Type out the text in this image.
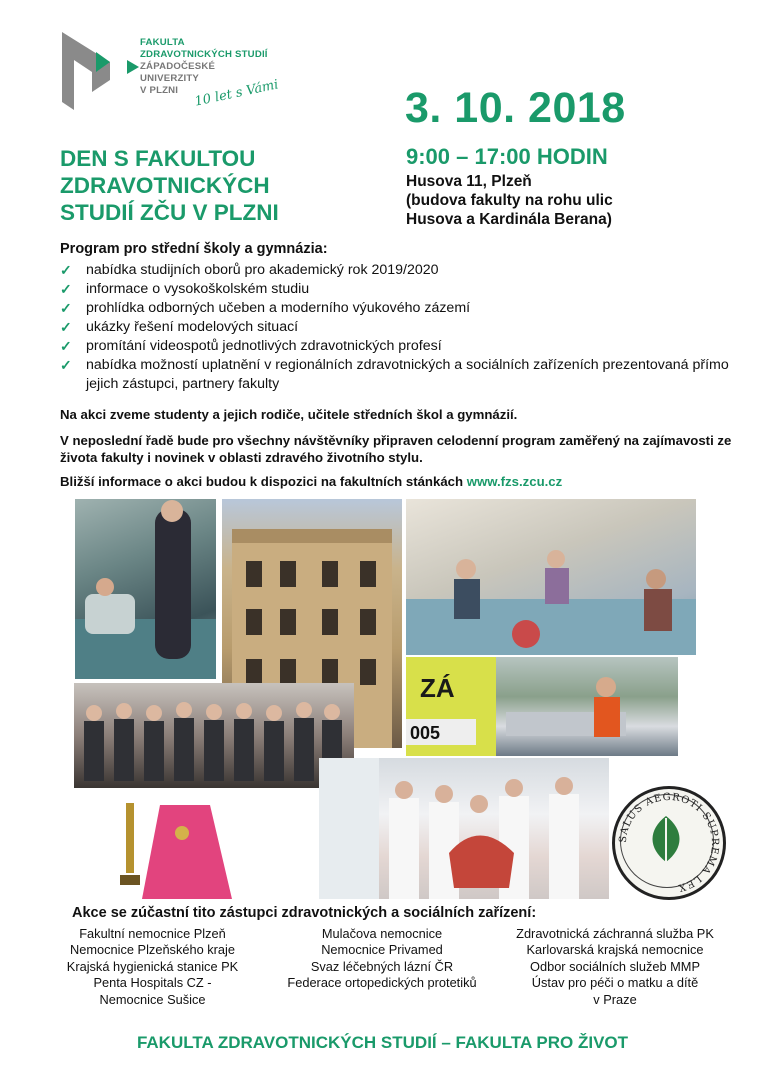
FAKULTA
ZDRAVOTNICKÝCH STUDIÍ
ZÁPADOČESKÉ
UNIVERZITY
V PLZNI	10 let s Vámi	3. 10. 2018
DEN S FAKULTOU
ZDRAVOTNICKÝCH
STUDIÍ ZČU V PLZNI
9:00 – 17:00 HODIN
Husova 11, Plzeň
(budova fakulty na rohu ulic
Husova a Kardinála Berana)
Program pro střední školy a gymnázia:
✓ nabídka studijních oborů pro akademický rok 2019/2020
✓ informace o vysokoškolském studiu
✓ prohlídka odborných učeben a moderního výukového zázemí
✓ ukázky řešení modelových situací
✓ promítání videospotů jednotlivých zdravotnických profesí
✓ nabídka možností uplatnění v regionálních zdravotnických a sociálních zařízeních prezentovaná přímo jejich zástupci, partnery fakulty
Na akci zveme studenty a jejich rodiče, učitele středních škol a gymnázií.
V neposlední řadě bude pro všechny návštěvníky připraven celodenní program zaměřený na zajímavosti ze života fakulty i novinek v oblasti zdravého životního stylu.
Bližší informace o akci budou k dispozici na fakultních stánkách www.fzs.zcu.cz
ZÁ
005
SALUS AEGROTI SUPREMA LEX
Akce se zúčastní tito zástupci zdravotnických a sociálních zařízení:
Fakultní nemocnice Plzeň
Nemocnice Plzeňského kraje
Krajská hygienická stanice PK
Penta Hospitals CZ -
Nemocnice Sušice
Mulačova nemocnice
Nemocnice Privamed
Svaz léčebných lázní ČR
Federace ortopedických protetiků
Zdravotnická záchranná služba PK
Karlovarská krajská nemocnice
Odbor sociálních služeb MMP
Ústav pro péči o matku a dítě
v Praze
FAKULTA ZDRAVOTNICKÝCH STUDIÍ – FAKULTA PRO ŽIVOT
